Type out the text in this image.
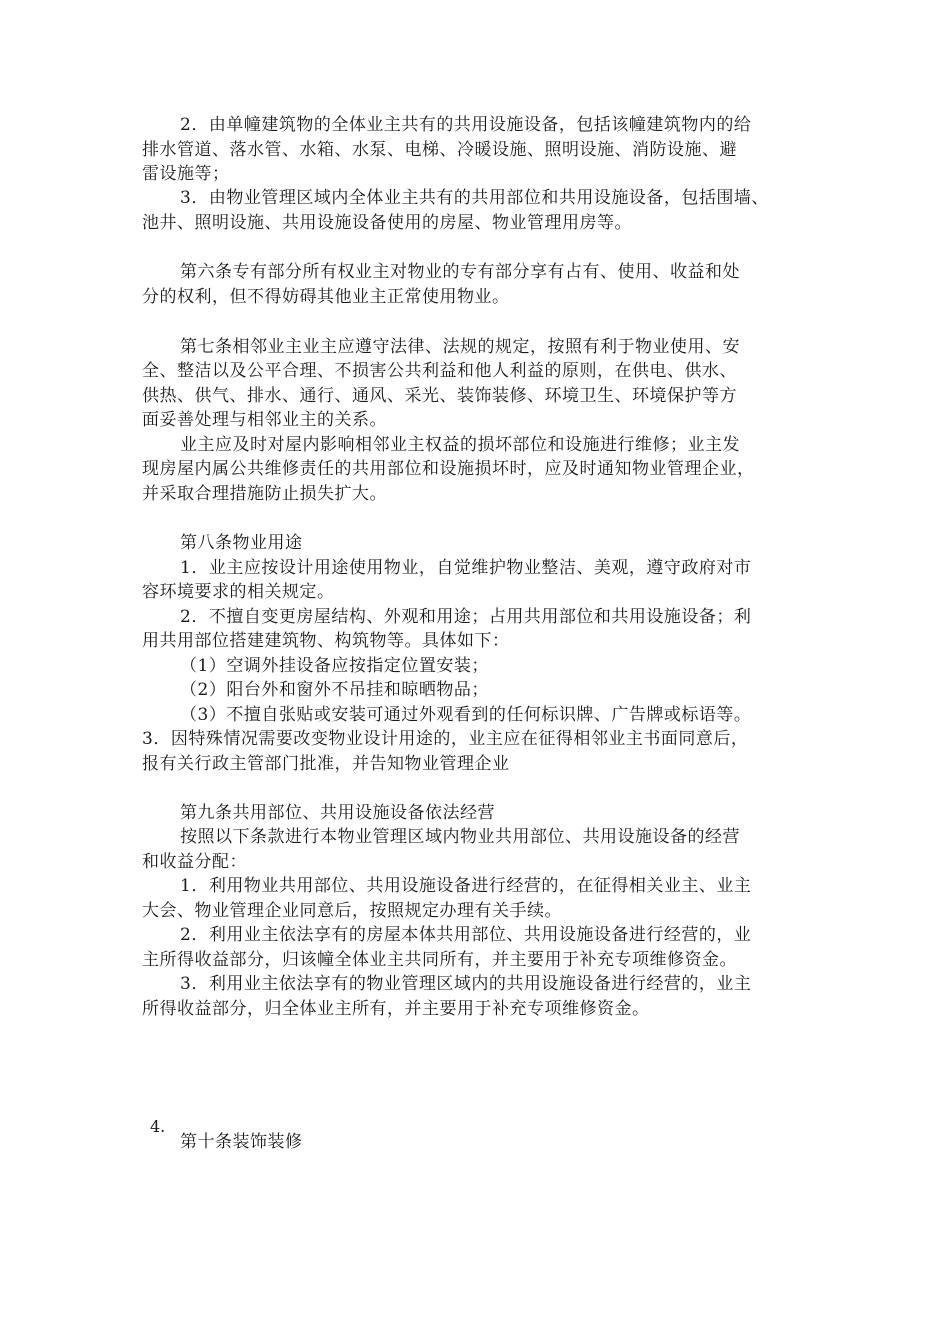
2．由单幢建筑物的全体业主共有的共用设施设备，包括该幢建筑物内的给
排水管道、落水管、水箱、水泵、电梯、冷暖设施、照明设施、消防设施、避
雷设施等；
3．由物业管理区域内全体业主共有的共用部位和共用设施设备，包括围墙、
池井、照明设施、共用设施设备使用的房屋、物业管理用房等。
第六条专有部分所有权业主对物业的专有部分享有占有、使用、收益和处
分的权利，但不得妨碍其他业主正常使用物业。
第七条相邻业主业主应遵守法律、法规的规定，按照有利于物业使用、安
全、整洁以及公平合理、不损害公共利益和他人利益的原则，在供电、供水、
供热、供气、排水、通行、通风、采光、装饰装修、环境卫生、环境保护等方
面妥善处理与相邻业主的关系。
业主应及时对屋内影响相邻业主权益的损坏部位和设施进行维修；业主发
现房屋内属公共维修责任的共用部位和设施损坏时，应及时通知物业管理企业，
并采取合理措施防止损失扩大。
第八条物业用途
1．业主应按设计用途使用物业，自觉维护物业整洁、美观，遵守政府对市
容环境要求的相关规定。
2．不擅自变更房屋结构、外观和用途；占用共用部位和共用设施设备；利
用共用部位搭建建筑物、构筑物等。具体如下：
（1）空调外挂设备应按指定位置安装；
（2）阳台外和窗外不吊挂和晾晒物品；
（3）不擅自张贴或安装可通过外观看到的任何标识牌、广告牌或标语等。
3．因特殊情况需要改变物业设计用途的，业主应在征得相邻业主书面同意后，
报有关行政主管部门批准，并告知物业管理企业
第九条共用部位、共用设施设备依法经营
按照以下条款进行本物业管理区域内物业共用部位、共用设施设备的经营
和收益分配：
1．利用物业共用部位、共用设施设备进行经营的，在征得相关业主、业主
大会、物业管理企业同意后，按照规定办理有关手续。
2．利用业主依法享有的房屋本体共用部位、共用设施设备进行经营的，业
主所得收益部分，归该幢全体业主共同所有，并主要用于补充专项维修资金。
3．利用业主依法享有的物业管理区域内的共用设施设备进行经营的，业主
所得收益部分，归全体业主所有，并主要用于补充专项维修资金。
4.
第十条装饰装修
